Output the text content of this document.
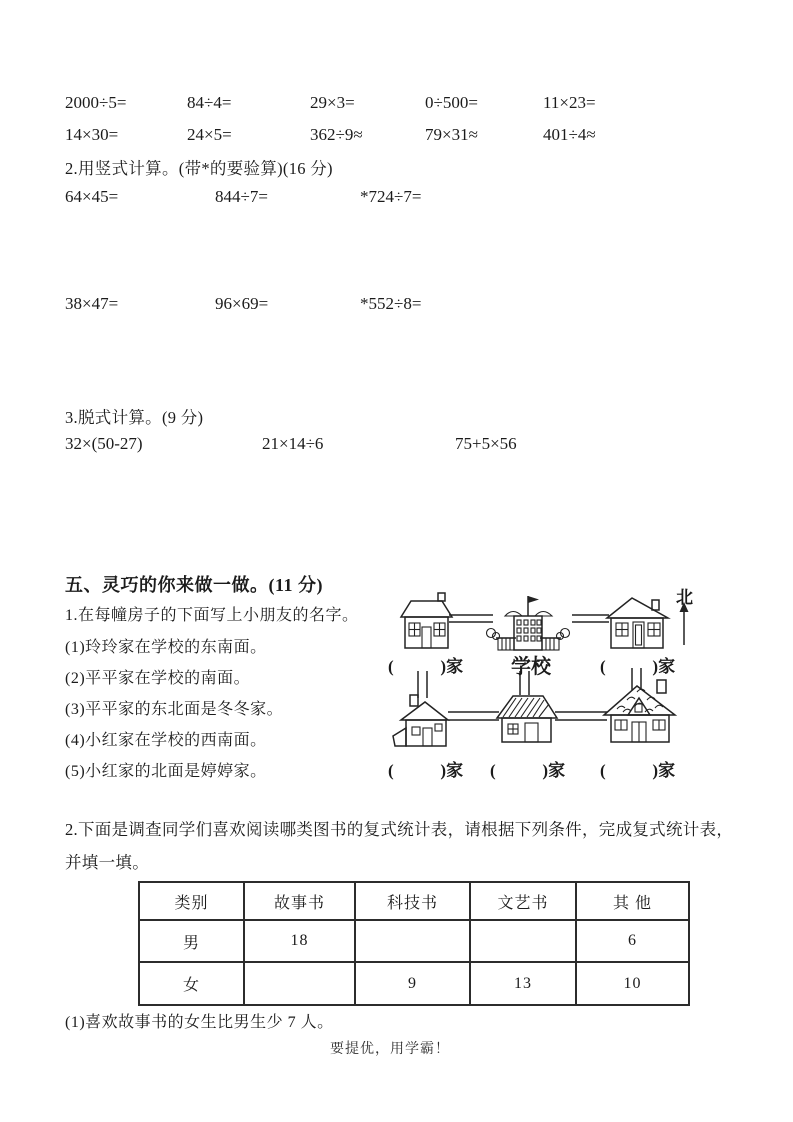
2000÷5=	84÷4=	29×3=	0÷500=	11×23=
14×30=	24×5=	362÷9≈	79×31≈	401÷4≈
2.用竖式计算。(带*的要验算)(16 分)
64×45=	844÷7=	*724÷7=
38×47=	96×69=	*552÷8=
3.脱式计算。(9 分)
32×(50-27)	21×14÷6	75+5×56
五、灵巧的你来做一做。(11 分)
1.在每幢房子的下面写上小朋友的名字。
(1)玲玲家在学校的东南面。
(2)平平家在学校的南面。
(3)平平家的东北面是冬冬家。
(4)小红家在学校的西南面。
(5)小红家的北面是婷婷家。
北
学校
(           )家	(           )家
(           )家 (           )家 (           )家
2.下面是调查同学们喜欢阅读哪类图书的复式统计表，请根据下列条件，完成复式统计表，
并填一填。
类别	故事书	科技书	文艺书	其 他
男	18			6
女		9	13	10
(1)喜欢故事书的女生比男生少 7 人。
要提优，用学霸！
